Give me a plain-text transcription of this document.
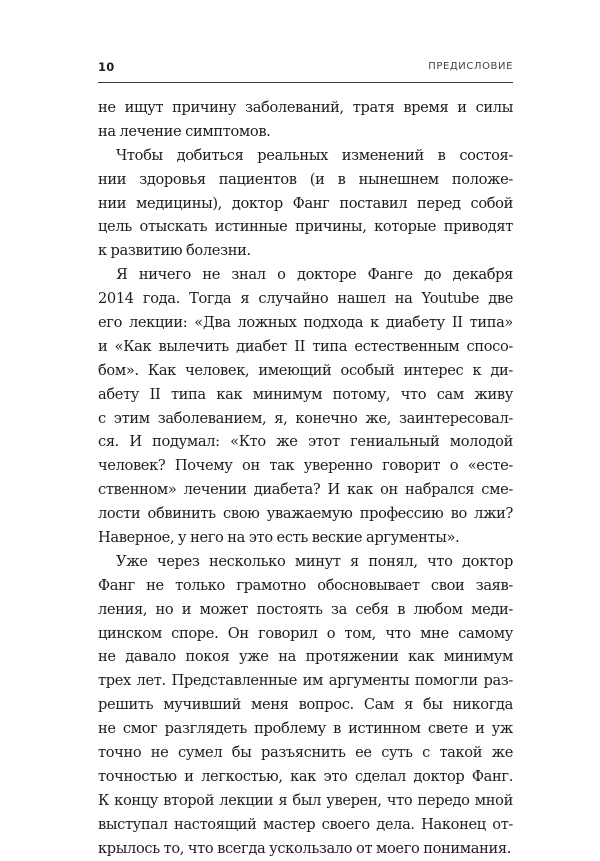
10	ПРЕДИСЛОВИЕ
не ищут причину заболеваний, тратя время и силы
на лечение симптомов.
Чтобы добиться реальных изменений в состоя-
нии здоровья пациентов (и в нынешнем положе-
нии медицины), доктор Фанг поставил перед собой
цель отыскать истинные причины, которые приводят
к развитию болезни.
Я ничего не знал о докторе Фанге до декабря
2014 года. Тогда я случайно нашел на Youtube две
его лекции: «Два ложных подхода к диабету II типа»
и «Как вылечить диабет II типа естественным спосо-
бом». Как человек, имеющий особый интерес к ди-
абету II типа как минимум потому, что сам живу
с этим заболеванием, я, конечно же, заинтересовал-
ся. И подумал: «Кто же этот гениальный молодой
человек? Почему он так уверенно говорит о «есте-
ственном» лечении диабета? И как он набрался сме-
лости обвинить свою уважаемую профессию во лжи?
Наверное, у него на это есть веские аргументы».
Уже через несколько минут я понял, что доктор
Фанг не только грамотно обосновывает свои заяв-
ления, но и может постоять за себя в любом меди-
цинском споре. Он говорил о том, что мне самому
не давало покоя уже на протяжении как минимум
трех лет. Представленные им аргументы помогли раз-
решить мучивший меня вопрос. Сам я бы никогда
не смог разглядеть проблему в истинном свете и уж
точно не сумел бы разъяснить ее суть с такой же
точностью и легкостью, как это сделал доктор Фанг.
К концу второй лекции я был уверен, что передо мной
выступал настоящий мастер своего дела. Наконец от-
крылось то, что всегда ускользало от моего понимания.
